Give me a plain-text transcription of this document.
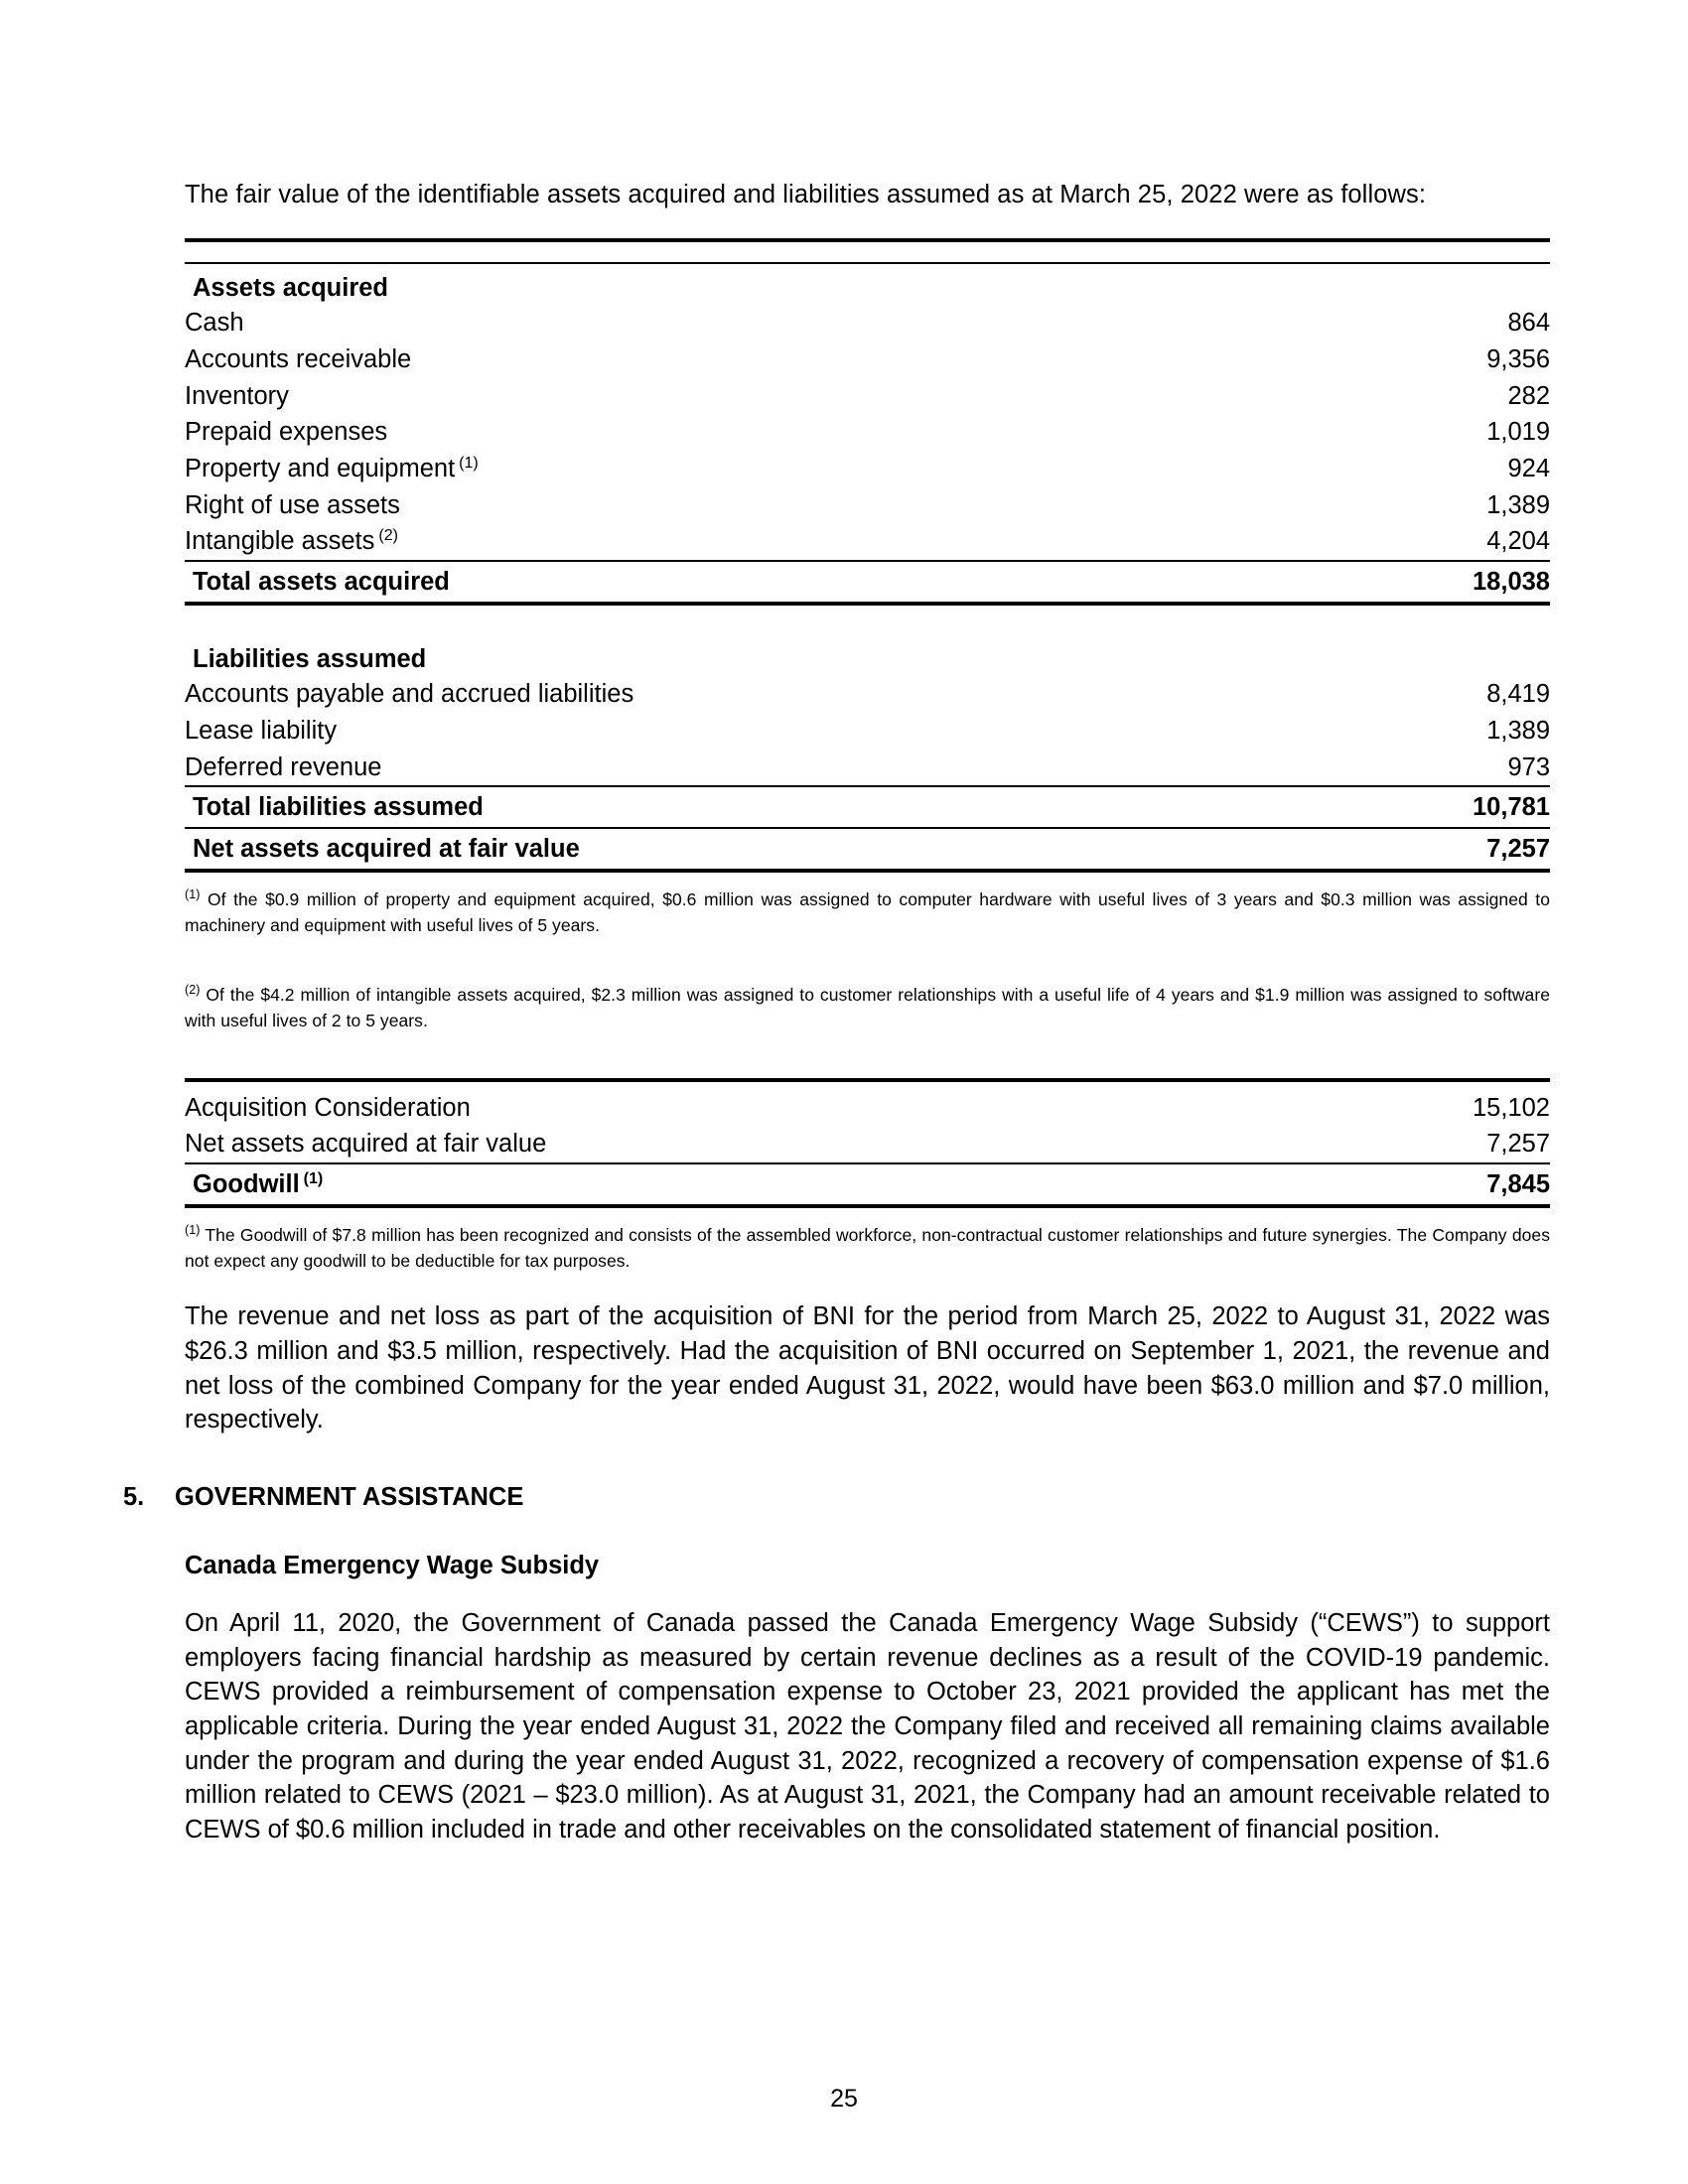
The fair value of the identifiable assets acquired and liabilities assumed as at March 25, 2022 were as follows:
Assets acquired	
Cash	864
Accounts receivable	9,356
Inventory	282
Prepaid expenses	1,019
Property and equipment $^{(1)}$	924
Right of use assets	1,389
Intangible assets $^{(2)}$	4,204
Total assets acquired	18,038
Liabilities assumed	
Accounts payable and accrued liabilities	8,419
Lease liability	1,389
Deferred revenue	973
Total liabilities assumed	10,781
Net assets acquired at fair value	7,257
$^{(1)}$ Of the $0.9 million of property and equipment acquired, $0.6 million was assigned to computer hardware with useful lives of 3 years and $0.3 million was assigned to machinery and equipment with useful lives of 5 years.
$^{(2)}$ Of the $4.2 million of intangible assets acquired, $2.3 million was assigned to customer relationships with a useful life of 4 years and $1.9 million was assigned to software with useful lives of 2 to 5 years.
Acquisition Consideration	15,102
Net assets acquired at fair value	7,257
Goodwill $^{(1)}$	7,845
$^{(1)}$ The Goodwill of $7.8 million has been recognized and consists of the assembled workforce, non-contractual customer relationships and future synergies. The Company does not expect any goodwill to be deductible for tax purposes.
The revenue and net loss as part of the acquisition of BNI for the period from March 25, 2022 to August 31, 2022 was $26.3 million and $3.5 million, respectively. Had the acquisition of BNI occurred on September 1, 2021, the revenue and net loss of the combined Company for the year ended August 31, 2022, would have been $63.0 million and $7.0 million, respectively.
5.	GOVERNMENT ASSISTANCE
Canada Emergency Wage Subsidy
On April 11, 2020, the Government of Canada passed the Canada Emergency Wage Subsidy (“CEWS”) to support employers facing financial hardship as measured by certain revenue declines as a result of the COVID-19 pandemic. CEWS provided a reimbursement of compensation expense to October 23, 2021 provided the applicant has met the applicable criteria. During the year ended August 31, 2022 the Company filed and received all remaining claims available under the program and during the year ended August 31, 2022, recognized a recovery of compensation expense of $1.6 million related to CEWS (2021 – $23.0 million). As at August 31, 2021, the Company had an amount receivable related to CEWS of $0.6 million included in trade and other receivables on the consolidated statement of financial position.
25
